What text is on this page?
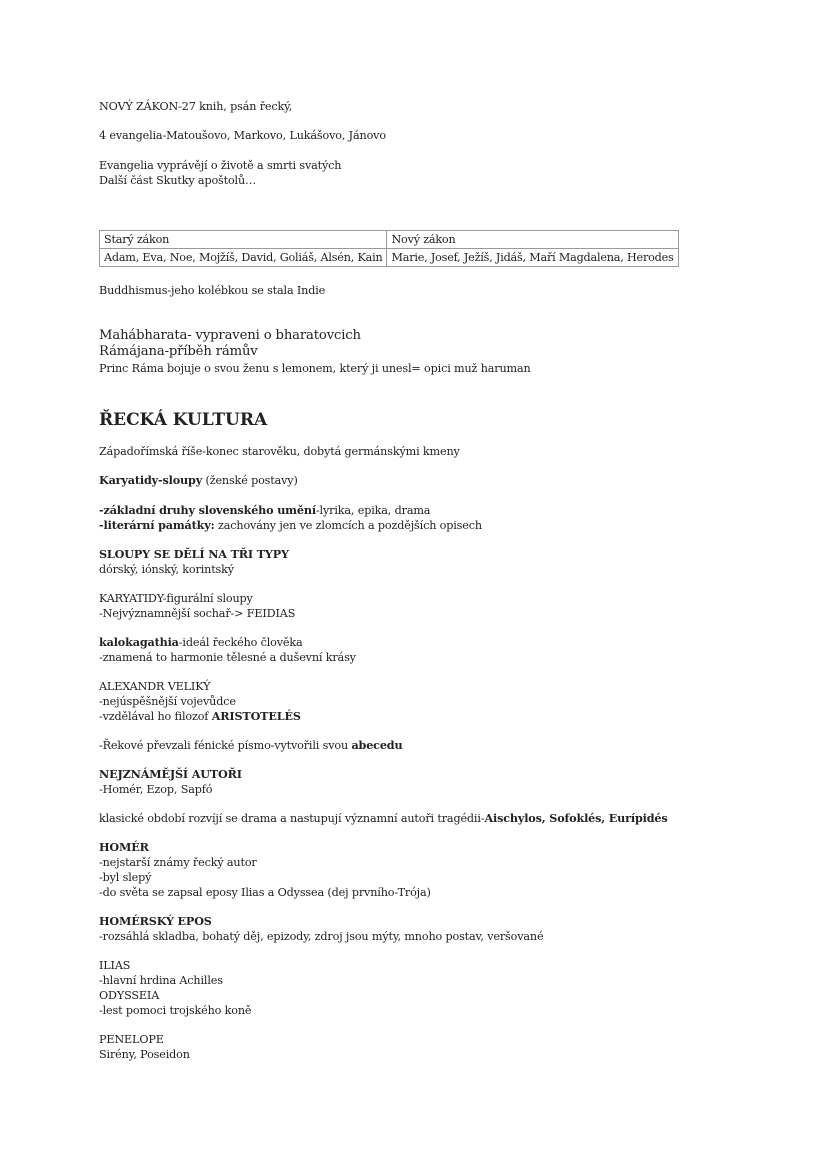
NOVÝ ZÁKON-27 knih, psán řecký,
4 evangelia-Matoušovo, Markovo, Lukášovo, Jánovo
Evangelia vyprávějí o životě a smrti svatých
Další část Skutky apoštolů…
Starý zákon	Nový zákon
Adam, Eva, Noe, Mojžíš, David, Goliáš, Alsén, Kain	Marie, Josef, Ježíš, Jidáš, Maří Magdalena, Herodes
Buddhismus-jeho kolébkou se stala Indie
Mahábharata- vypraveni o bharatovcich
Rámájana-příběh rámův
Princ Ráma bojuje o svou ženu s lemonem, který ji unesl= opici muž haruman
ŘECKÁ KULTURA
Západořímská říše-konec starověku, dobytá germánskými kmeny
Karyatidy-sloupy (ženské postavy)
-základní druhy slovenského umění-lyrika, epika, drama
-literární památky: zachovány jen ve zlomcích a pozdějších opisech
SLOUPY SE DĚLÍ NA TŘI TYPY
dórský, iónský, korintský
KARYATIDY-figurální sloupy
-Nejvýznamnější sochař-> FEIDIAS
kalokagathia-ideál řeckého člověka
-znamená to harmonie tělesné a duševní krásy
ALEXANDR VELIKÝ
-nejúspěšnější vojevůdce
-vzdělával ho filozof ARISTOTELÉS
-Řekové převzali fénické písmo-vytvořili svou abecedu
NEJZNÁMĚJŠÍ AUTOŘI
-Homér, Ezop, Sapfó
klasické období rozvíjí se drama a nastupují významní autoři tragédii-Aischylos, Sofoklés, Eurípidés
HOMÉR
-nejstarší známy řecký autor
-byl slepý
-do světa se zapsal eposy Ilias a Odyssea (dej prvního-Trója)
HOMÉRSKÝ EPOS
-rozsáhlá skladba, bohatý děj, epizody, zdroj jsou mýty, mnoho postav, veršované
ILIAS
-hlavní hrdina Achilles
ODYSSEIA
-lest pomoci trojského koně
PENELOPE
Sirény, Poseidon
